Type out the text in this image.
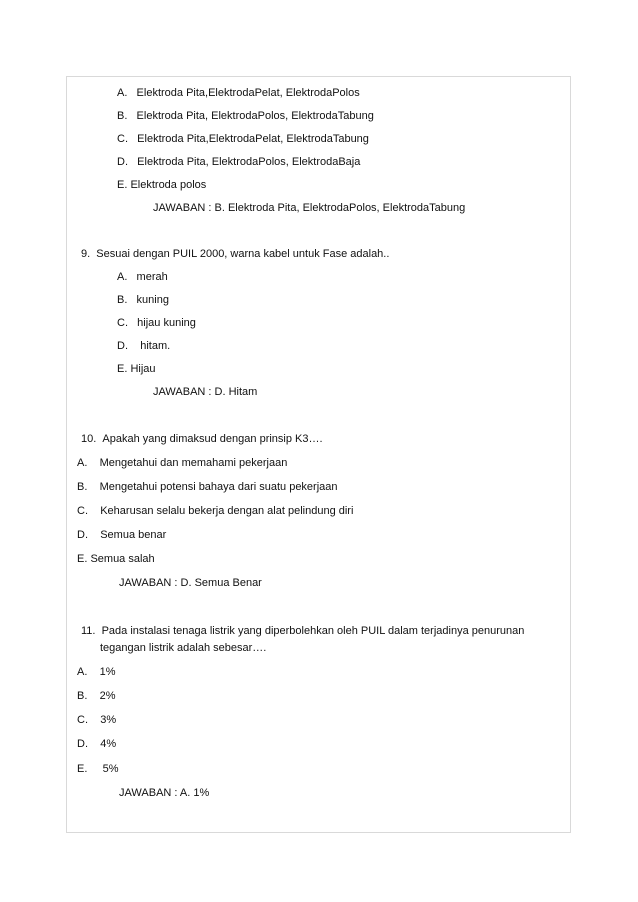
A.   Elektroda Pita,ElektrodaPelat, ElektrodaPolos
B.   Elektroda Pita, ElektrodaPolos, ElektrodaTabung
C.   Elektroda Pita,ElektrodaPelat, ElektrodaTabung
D.   Elektroda Pita, ElektrodaPolos, ElektrodaBaja
E. Elektroda polos
JAWABAN : B. Elektroda Pita, ElektrodaPolos, ElektrodaTabung
9.  Sesuai dengan PUIL 2000, warna kabel untuk Fase adalah..
A.   merah
B.   kuning
C.   hijau kuning
D.    hitam.
E. Hijau
JAWABAN : D. Hitam
10.  Apakah yang dimaksud dengan prinsip K3….
A.    Mengetahui dan memahami pekerjaan
B.    Mengetahui potensi bahaya dari suatu pekerjaan
C.    Keharusan selalu bekerja dengan alat pelindung diri
D.    Semua benar
E. Semua salah
JAWABAN : D. Semua Benar
11.  Pada instalasi tenaga listrik yang diperbolehkan oleh PUIL dalam terjadinya penurunan
tegangan listrik adalah sebesar….
A.    1%
B.    2%
C.    3%
D.    4%
E.     5%
JAWABAN : A. 1%
